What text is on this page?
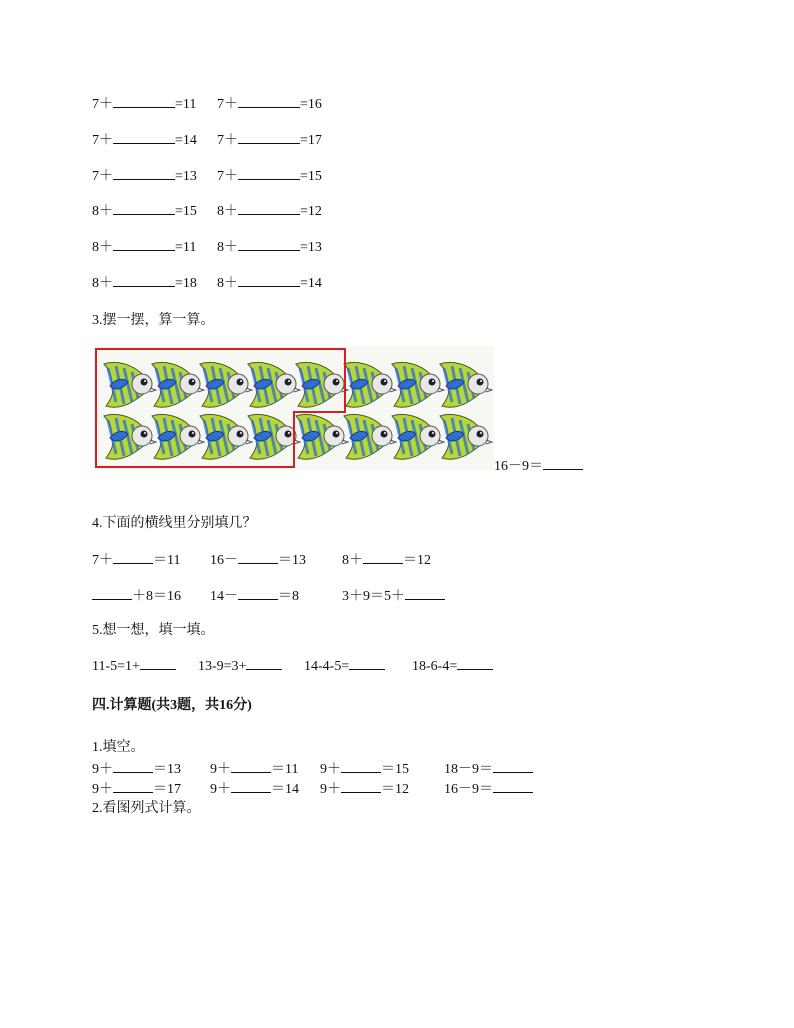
7＋	=11 7＋	=16
7＋	=14 7＋	=17
7＋	=13 7＋	=15
8＋	=15 8＋	=12
8＋	=11 8＋	=13
8＋	=18 8＋	=14
3.摆一摆，算一算。
16－9＝
4.下面的横线里分别填几？
7＋	＝11 16－	＝13	8＋	＝12
＋8＝16 14－	＝8	3＋9＝5＋
5.想一想，填一填。
11-5=1+	13-9=3+	14-4-5=	18-6-4=
四.计算题(共3题，共16分)
1.填空。
9＋	＝13 9＋	＝11 9＋	＝15	18－9＝
9＋	＝17 9＋	＝14 9＋	＝12	16－9＝
2.看图列式计算。
